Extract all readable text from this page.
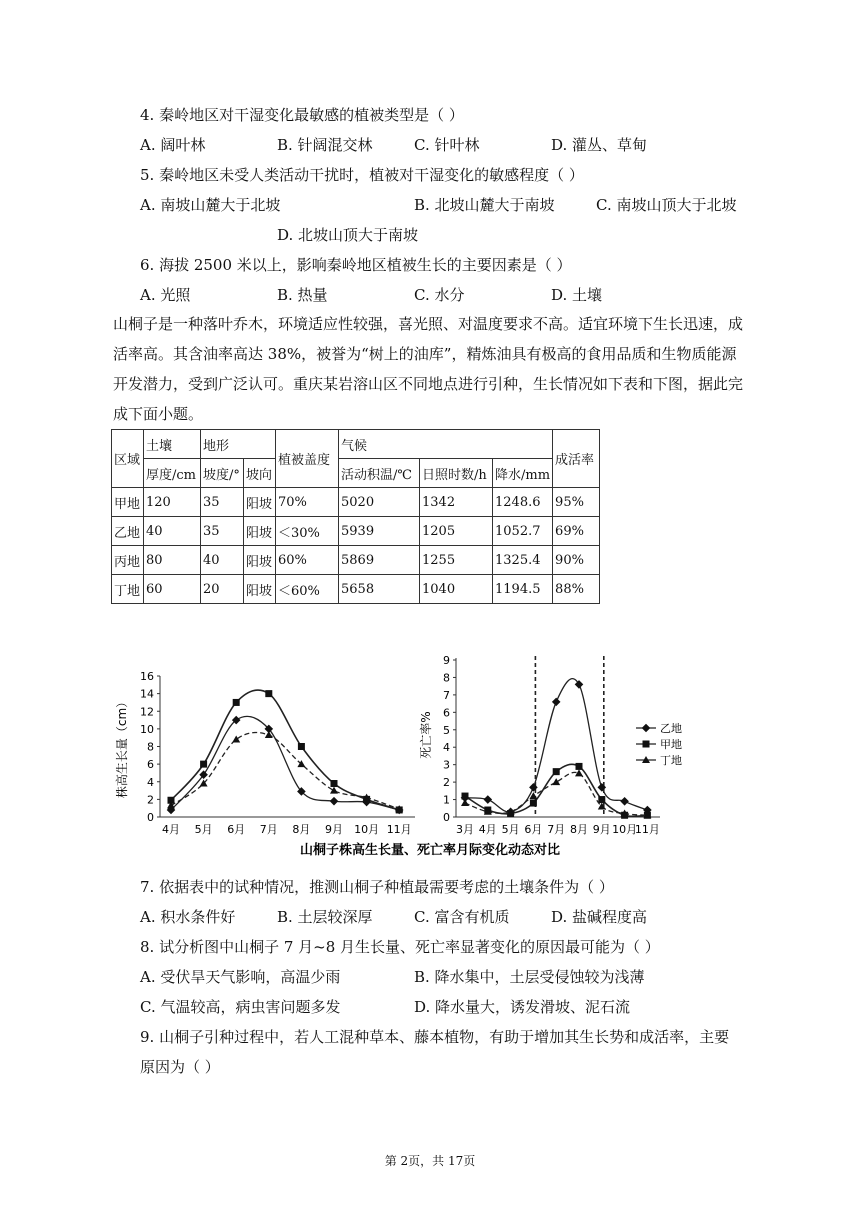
4. 秦岭地区对干湿变化最敏感的植被类型是（ ）
A. 阔叶林	B. 针阔混交林	C. 针叶林	D. 灌丛、草甸
5. 秦岭地区未受人类活动干扰时，植被对干湿变化的敏感程度（ ）
A. 南坡山麓大于北坡	B. 北坡山麓大于南坡	C. 南坡山顶大于北坡
D. 北坡山顶大于南坡
6. 海拔 2500 米以上，影响秦岭地区植被生长的主要因素是（ ）
A. 光照	B. 热量	C. 水分	D. 土壤
山桐子是一种落叶乔木，环境适应性较强，喜光照、对温度要求不高。适宜环境下生长迅速，成
活率高。其含油率高达 38%，被誉为“树上的油库”，精炼油具有极高的食用品质和生物质能源
开发潜力，受到广泛认可。重庆某岩溶山区不同地点进行引种，生长情况如下表和下图，据此完
成下面小题。
区域	土壤	地形		植被盖度	气候			成活率
	厚度/cm	坡度/°	坡向		活动积温/℃	日照时数/h	降水/mm	
甲地	120	35	阳坡	70%	5020	1342	1248.6	95%
乙地	40	35	阳坡	＜30%	5939	1205	1052.7	69%
丙地	80	40	阳坡	60%	5869	1255	1325.4	90%
丁地	60	20	阳坡	＜60%	5658	1040	1194.5	88%
株高生长量（cm）
0
2
4
6
8
10
12
14
16
4月 5月 6月 7月 8月 9月 10月 11月
死亡率%
0
1
2
3
4
5
6
7
8
9
3月 4月 5月 6月 7月 8月 9月 10月
11月
乙地
甲地
丁地
山桐子株高生长量、死亡率月际变化动态对比
7. 依据表中的试种情况，推测山桐子种植最需要考虑的土壤条件为（ ）
A. 积水条件好	B. 土层较深厚	C. 富含有机质	D. 盐碱程度高
8. 试分析图中山桐子 7 月~8 月生长量、死亡率显著变化的原因最可能为（ ）
A. 受伏旱天气影响，高温少雨	B. 降水集中，土层受侵蚀较为浅薄
C. 气温较高，病虫害问题多发	D. 降水量大，诱发滑坡、泥石流
9. 山桐子引种过程中，若人工混种草本、藤本植物，有助于增加其生长势和成活率，主要
原因为（ ）
第 2页，共 17页
